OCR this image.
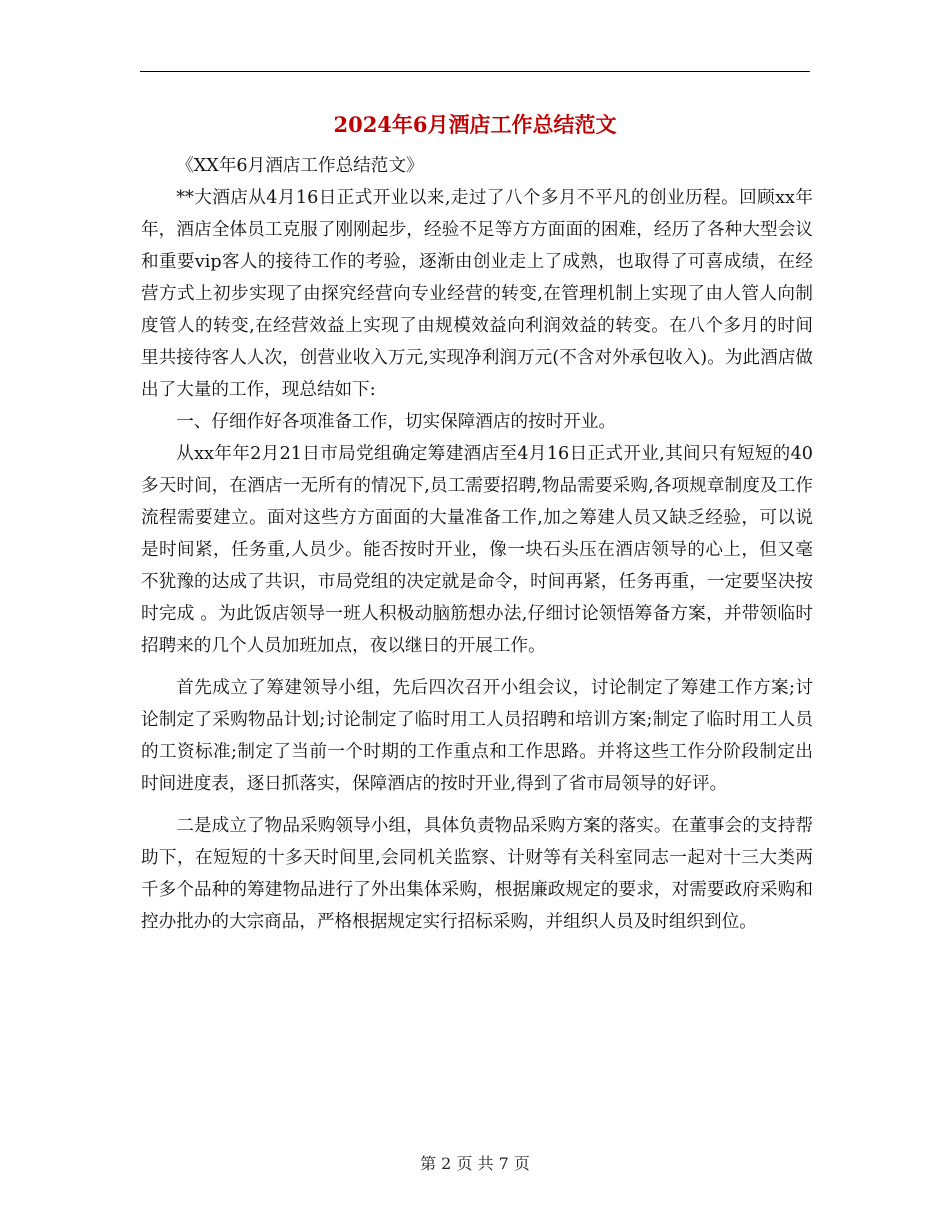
2024年6月酒店工作总结范文

《XX年6月酒店工作总结范文》

**大酒店从4月16日正式开业以来,走过了八个多月不平凡的创业历程。回顾xx年年，酒店全体员工克服了刚刚起步，经验不足等方方面面的困难，经历了各种大型会议和重要vip客人的接待工作的考验，逐渐由创业走上了成熟，也取得了可喜成绩，在经营方式上初步实现了由探究经营向专业经营的转变,在管理机制上实现了由人管人向制度管人的转变,在经营效益上实现了由规模效益向利润效益的转变。在八个多月的时间里共接待客人人次，创营业收入万元,实现净利润万元(不含对外承包收入)。为此酒店做出了大量的工作，现总结如下:

一、仔细作好各项准备工作，切实保障酒店的按时开业。

从xx年年2月21日市局党组确定筹建酒店至4月16日正式开业,其间只有短短的40多天时间，在酒店一无所有的情况下,员工需要招聘,物品需要采购,各项规章制度及工作流程需要建立。面对这些方方面面的大量准备工作,加之筹建人员又缺乏经验，可以说是时间紧，任务重,人员少。能否按时开业，像一块石头压在酒店领导的心上，但又毫不犹豫的达成了共识，市局党组的决定就是命令，时间再紧，任务再重，一定要坚决按时完成 。为此饭店领导一班人积极动脑筋想办法,仔细讨论领悟筹备方案，并带领临时招聘来的几个人员加班加点，夜以继日的开展工作。

首先成立了筹建领导小组，先后四次召开小组会议，讨论制定了筹建工作方案;讨论制定了采购物品计划;讨论制定了临时用工人员招聘和培训方案;制定了临时用工人员的工资标准;制定了当前一个时期的工作重点和工作思路。并将这些工作分阶段制定出时间进度表，逐日抓落实，保障酒店的按时开业,得到了省市局领导的好评。

二是成立了物品采购领导小组，具体负责物品采购方案的落实。在董事会的支持帮助下，在短短的十多天时间里,会同机关监察、计财等有关科室同志一起对十三大类两千多个品种的筹建物品进行了外出集体采购，根据廉政规定的要求，对需要政府采购和控办批办的大宗商品，严格根据规定实行招标采购，并组织人员及时组织到位。

第 2 页 共 7 页
